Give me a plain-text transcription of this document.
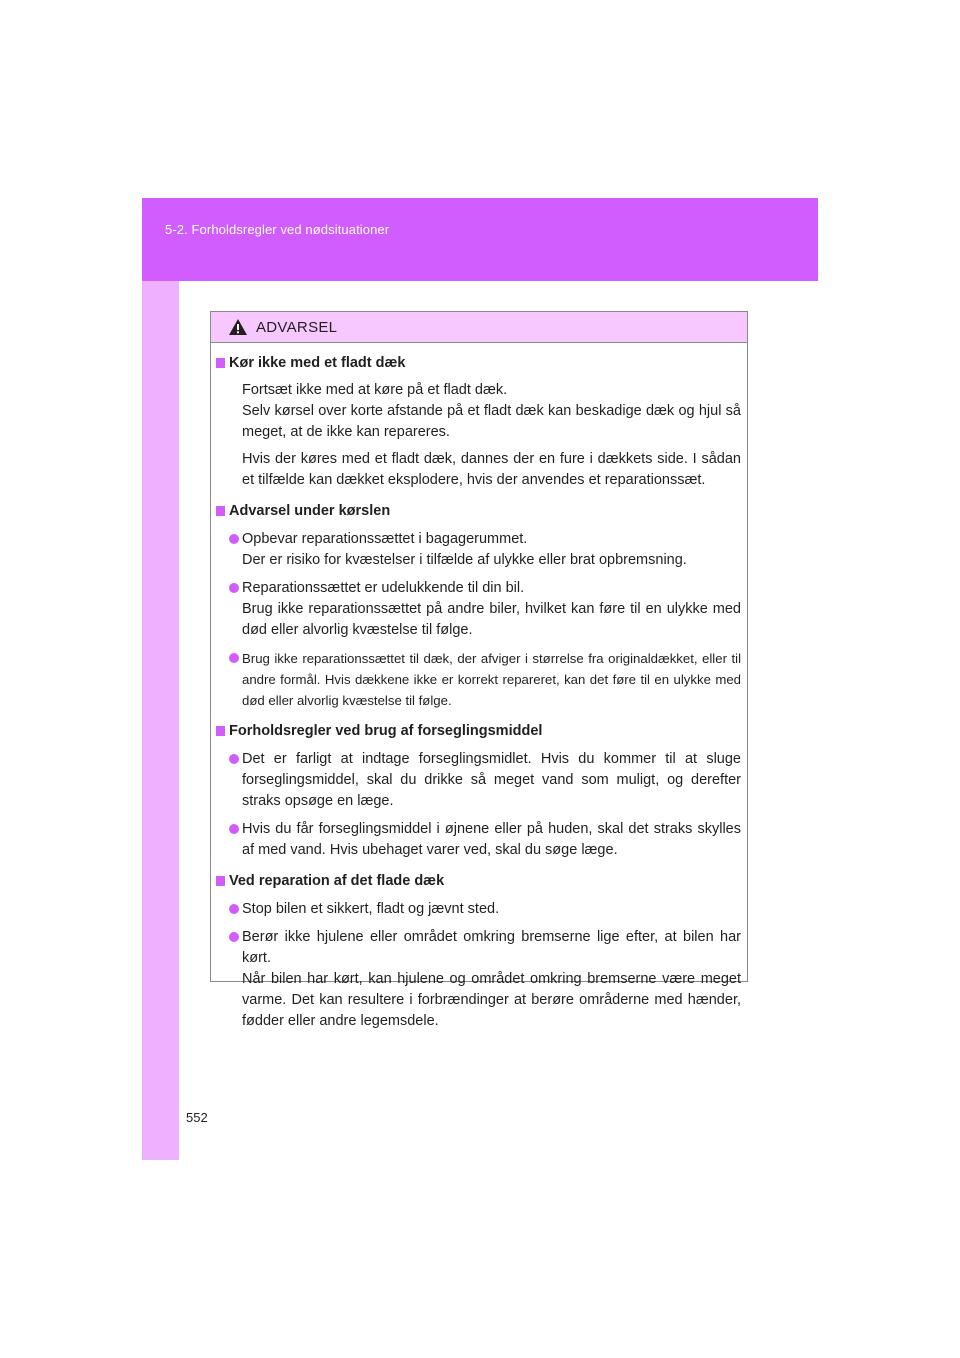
5-2. Forholdsregler ved nødsituationer
ADVARSEL
Kør ikke med et fladt dæk
Fortsæt ikke med at køre på et fladt dæk.
Selv kørsel over korte afstande på et fladt dæk kan beskadige dæk og hjul så meget, at de ikke kan repareres.
Hvis der køres med et fladt dæk, dannes der en fure i dækkets side. I sådan et tilfælde kan dækket eksplodere, hvis der anvendes et reparationssæt.
Advarsel under kørslen
Opbevar reparationssættet i bagagerummet.
Der er risiko for kvæstelser i tilfælde af ulykke eller brat opbremsning.
Reparationssættet er udelukkende til din bil.
Brug ikke reparationssættet på andre biler, hvilket kan føre til en ulykke med død eller alvorlig kvæstelse til følge.
Brug ikke reparationssættet til dæk, der afviger i størrelse fra originaldækket, eller til andre formål. Hvis dækkene ikke er korrekt repareret, kan det føre til en ulykke med død eller alvorlig kvæstelse til følge.
Forholdsregler ved brug af forseglingsmiddel
Det er farligt at indtage forseglingsmidlet. Hvis du kommer til at sluge forseglingsmiddel, skal du drikke så meget vand som muligt, og derefter straks opsøge en læge.
Hvis du får forseglingsmiddel i øjnene eller på huden, skal det straks skylles af med vand. Hvis ubehaget varer ved, skal du søge læge.
Ved reparation af det flade dæk
Stop bilen et sikkert, fladt og jævnt sted.
Berør ikke hjulene eller området omkring bremserne lige efter, at bilen har kørt.
Når bilen har kørt, kan hjulene og området omkring bremserne være meget varme. Det kan resultere i forbrændinger at berøre områderne med hænder, fødder eller andre legemsdele.
552
